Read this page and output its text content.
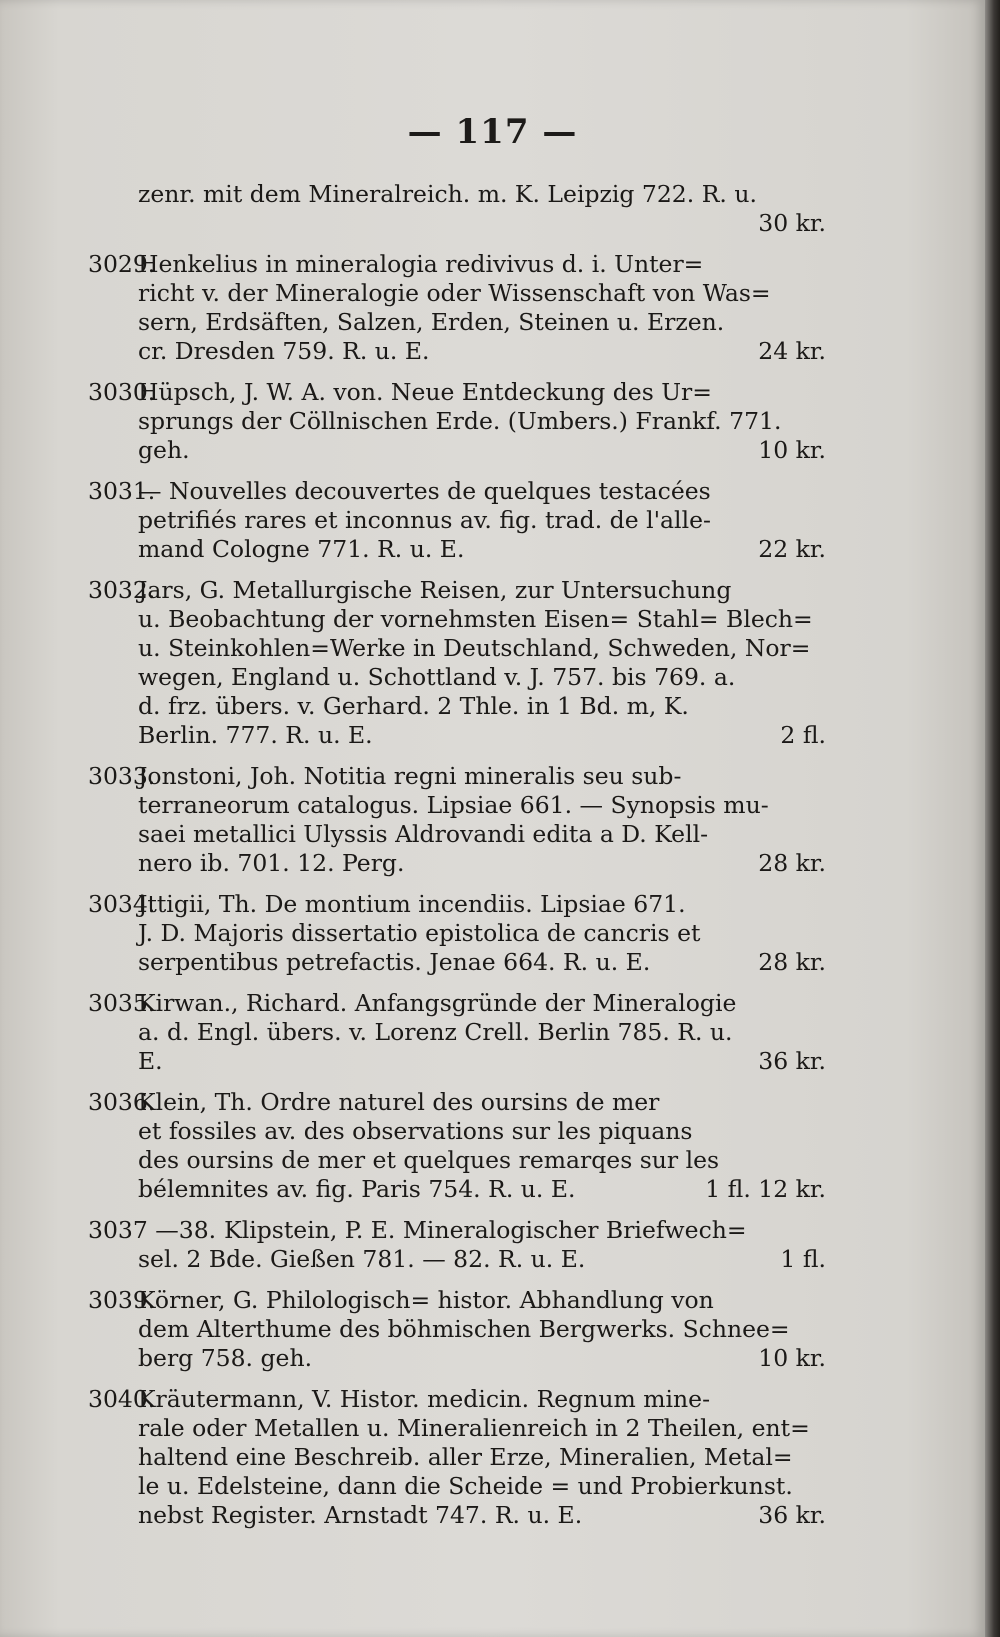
— 117 —
zenr. mit dem Mineralreich. m. K. Leipzig 722. R. u.
30 kr.
3029.Henkelius in mineralogia redivivus d. i. Unter=
richt v. der Mineralogie oder Wissenschaft von Was=
sern, Erdsäften, Salzen, Erden, Steinen u. Erzen.
cr. Dresden 759. R. u. E.	24 kr.
3030.Hüpsch, J. W. A. von. Neue Entdeckung des Ur=
sprungs der Cöllnischen Erde. (Umbers.) Frankf. 771.
geh.	10 kr.
3031.— Nouvelles decouvertes de quelques testacées
petrifiés rares et inconnus av. fig. trad. de l'alle-
mand Cologne 771. R. u. E.	22 kr.
3032.Jars, G. Metallurgische Reisen, zur Untersuchung
u. Beobachtung der vornehmsten Eisen= Stahl= Blech=
u. Steinkohlen=Werke in Deutschland, Schweden, Nor=
wegen, England u. Schottland v. J. 757. bis 769. a.
d. frz. übers. v. Gerhard. 2 Thle. in 1 Bd. m, K.
Berlin. 777. R. u. E.	2 fl.
3033.Jonstoni, Joh. Notitia regni mineralis seu sub-
terraneorum catalogus. Lipsiae 661. — Synopsis mu-
saei metallici Ulyssis Aldrovandi edita a D. Kell-
nero ib. 701. 12. Perg.	28 kr.
3034.Jttigii, Th. De montium incendiis. Lipsiae 671.
J. D. Majoris dissertatio epistolica de cancris et
serpentibus petrefactis. Jenae 664. R. u. E.	28 kr.
3035.Kirwan., Richard. Anfangsgründe der Mineralogie
a. d. Engl. übers. v. Lorenz Crell. Berlin 785. R. u.
E.	36 kr.
3036.Klein, Th. Ordre naturel des oursins de mer
et fossiles av. des observations sur les piquans
des oursins de mer et quelques remarqes sur les
bélemnites av. fig. Paris 754. R. u. E.	1 fl. 12 kr.
3037 —38. Klipstein, P. E. Mineralogischer Briefwech=
sel. 2 Bde. Gießen 781. — 82. R. u. E.	1 fl.
3039.Körner, G. Philologisch= histor. Abhandlung von
dem Alterthume des böhmischen Bergwerks. Schnee=
berg 758. geh.	10 kr.
3040.Kräutermann, V. Histor. medicin. Regnum mine-
rale oder Metallen u. Mineralienreich in 2 Theilen, ent=
haltend eine Beschreib. aller Erze, Mineralien, Metal=
le u. Edelsteine, dann die Scheide = und Probierkunst.
nebst Register. Arnstadt 747. R. u. E.	36 kr.
